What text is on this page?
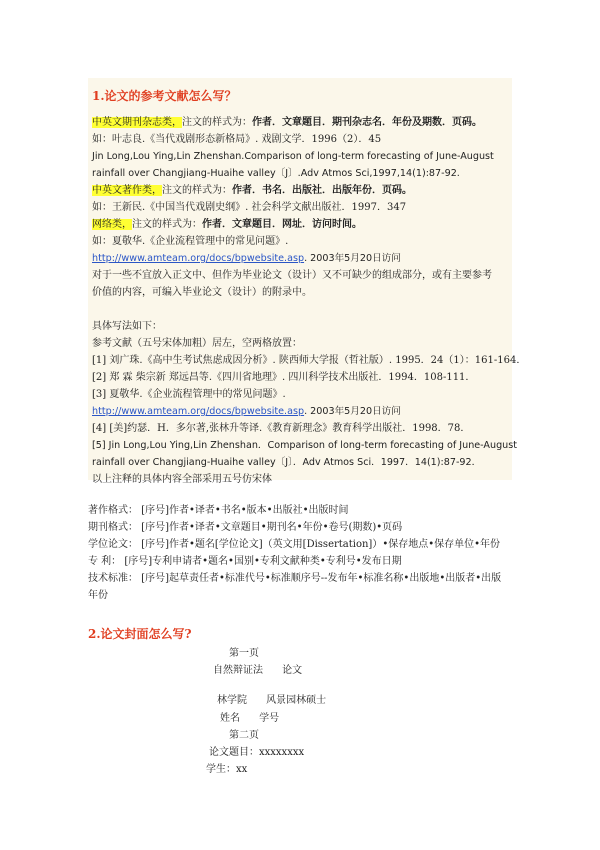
1.论文的参考文献怎么写？
中英文期刊杂志类，注文的样式为：作者．文章题目．期刊杂志名．年份及期数．页码。
如：叶志良.《当代戏剧形态新格局》. 戏剧文学．1996（2）．45
Jin Long,Lou Ying,Lin Zhenshan.Comparison of long-term forecasting of June-August
rainfall over Changjiang-Huaihe valley〔J〕.Adv Atmos Sci,1997,14(1):87-92.
中英文著作类，注文的样式为：作者．书名．出版社．出版年份．页码。
如：王新民.《中国当代戏剧史纲》. 社会科学文献出版社．1997．347
网络类，注文的样式为：作者．文章题目．网址．访问时间。
如：夏敬华.《企业流程管理中的常见问题》.
http://www.amteam.org/docs/bpwebsite.asp. 2003年5月20日访问
对于一些不宜放入正文中、但作为毕业论文（设计）又不可缺少的组成部分，或有主要参考
价值的内容，可编入毕业论文（设计）的附录中。
具体写法如下：
参考文献（五号宋体加粗）居左，空两格放置：
[1] 刘广珠.《高中生考试焦虑成因分析》. 陕西师大学报（哲社版）. 1995．24（1）：161-164．
[2] 郑 霖 柴宗新 郑远昌等.《四川省地理》. 四川科学技术出版社．1994．108-111．
[3] 夏敬华.《企业流程管理中的常见问题》.
http://www.amteam.org/docs/bpwebsite.asp. 2003年5月20日访问
[4] [美]约瑟．H．多尔著,张林升等译.《教育新理念》教育科学出版社．1998．78．
[5] Jin Long,Lou Ying,Lin Zhenshan．Comparison of long-term forecasting of June-August
rainfall over Changjiang-Huaihe valley〔J〕．Adv Atmos Sci．1997．14(1):87-92．
以上注释的具体内容全部采用五号仿宋体
著作格式： [序号]作者•译者•书名•版本•出版社•出版时间
期刊格式： [序号]作者•译者•文章题目•期刊名•年份•卷号(期数)•页码
学位论文： [序号]作者•题名[学位论文]（英文用[Dissertation]）•保存地点•保存单位•年份
专 利： [序号]专利申请者•题名•国别•专利文献种类•专利号•发布日期
技术标准： [序号]起草责任者•标准代号•标准顺序号--发布年•标准名称•出版地•出版者•出版
年份
2.论文封面怎么写?
第一页
自然辩证法      论文
林学院      风景园林硕士
姓名      学号
第二页
论文题目：xxxxxxxx
学生：xx
